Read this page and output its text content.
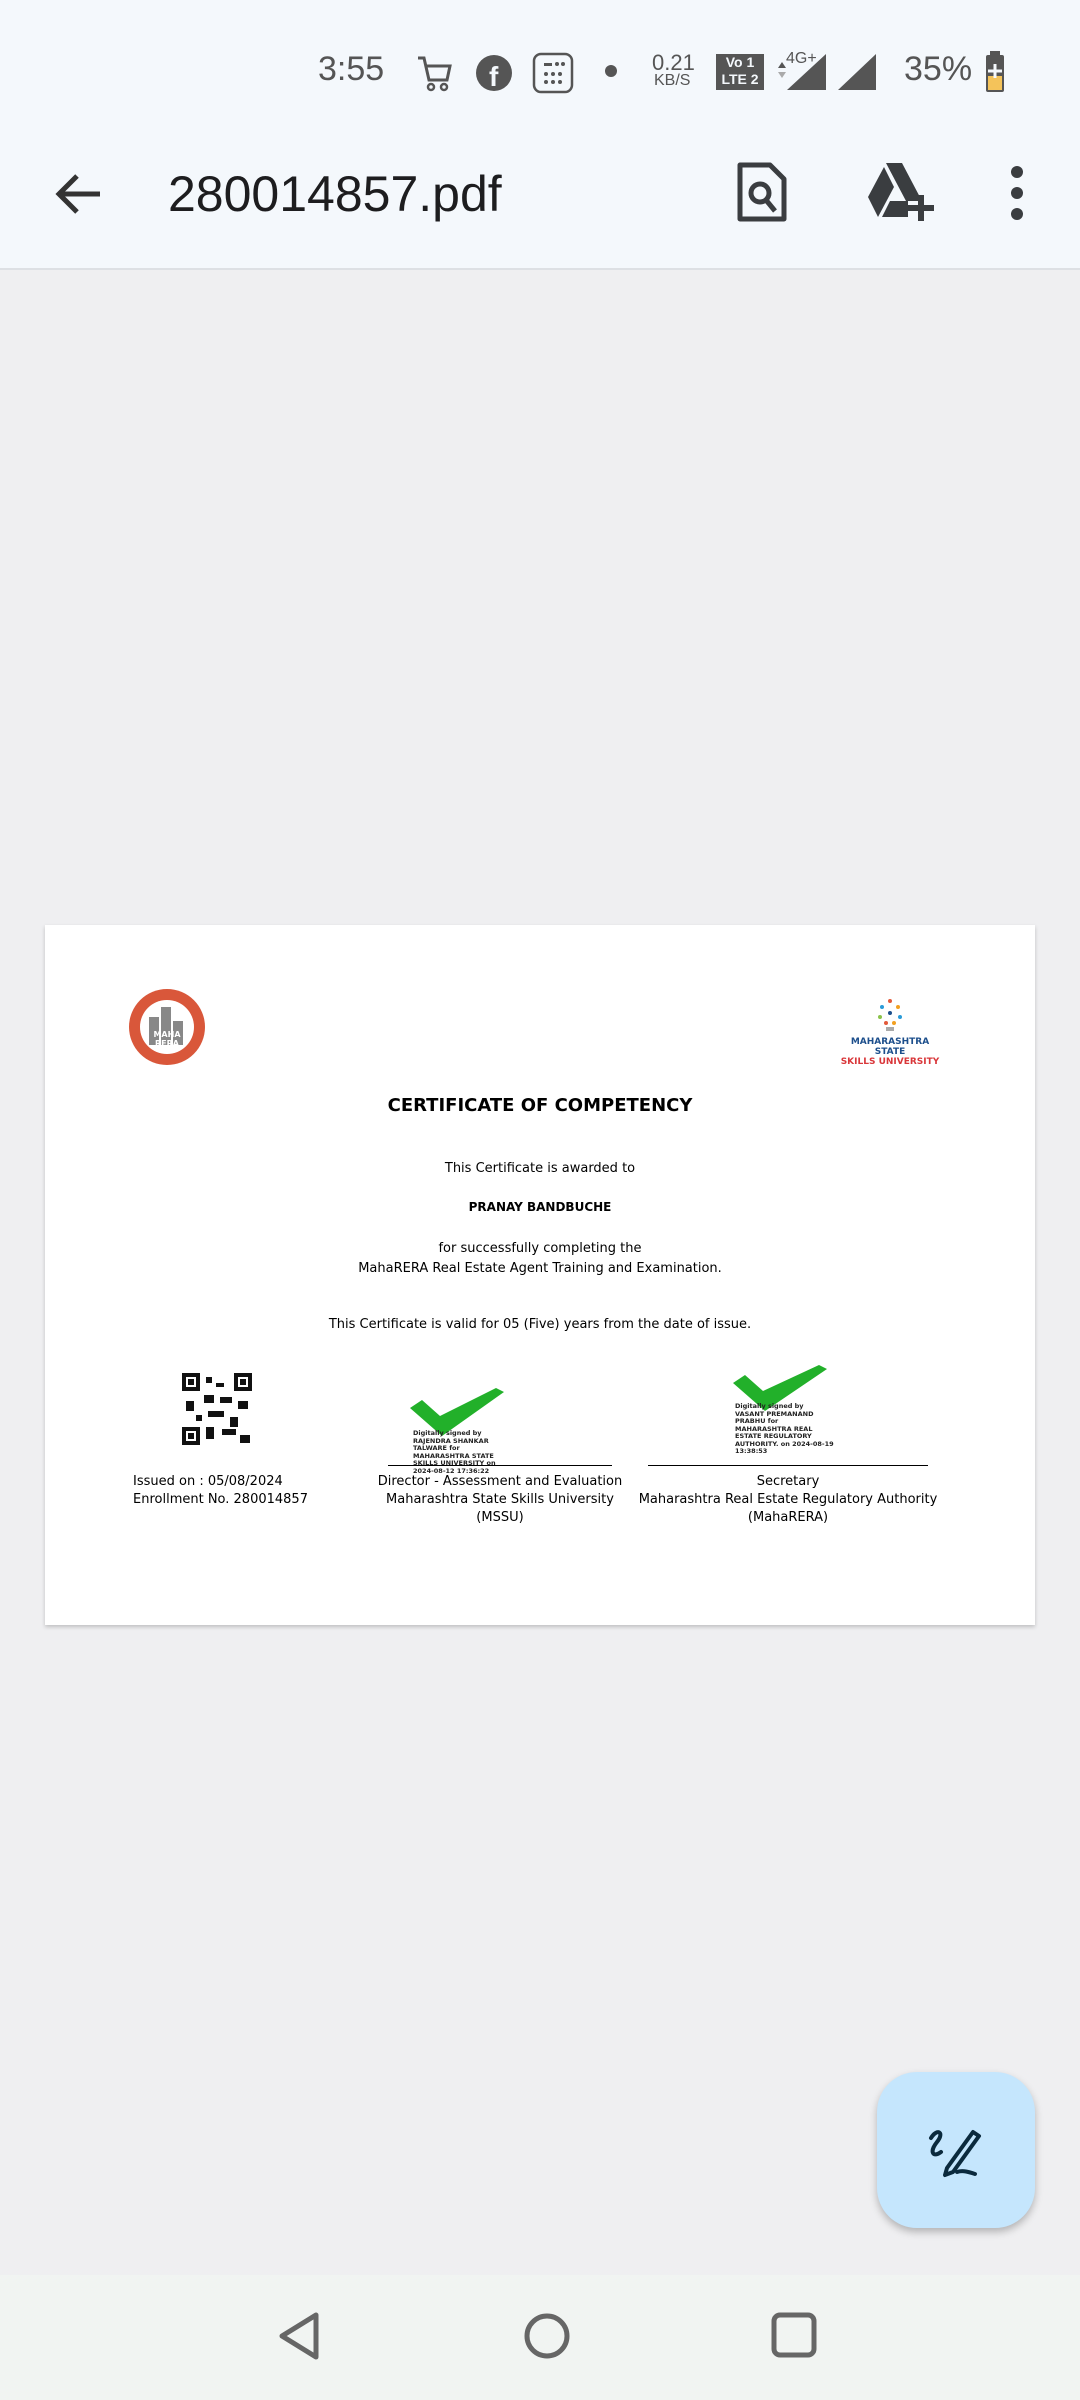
3:55	f	0.21
KB/S
Vo 1
LTE 2
4G+	35%
280014857.pdf
MAHA
RERA	MAHARASHTRA STATE
SKILLS UNIVERSITY
CERTIFICATE OF COMPETENCY
This Certificate is awarded to
PRANAY BANDBUCHE
for successfully completing the
MahaRERA Real Estate Agent Training and Examination.
This Certificate is valid for 05 (Five) years from the date of issue.
Issued on : 05/08/2024
Enrollment No. 280014857
Digitally signed by
RAJENDRA SHANKAR
TALWARE for
MAHARASHTRA STATE
SKILLS UNIVERSITY on
2024-08-12 17:36:22
Director - Assessment and Evaluation
Maharashtra State Skills University
(MSSU)
Digitally signed by
VASANT PREMANAND
PRABHU for
MAHARASHTRA REAL
ESTATE REGULATORY
AUTHORITY. on 2024-08-19
13:38:53
Secretary
Maharashtra Real Estate Regulatory Authority
(MahaRERA)
